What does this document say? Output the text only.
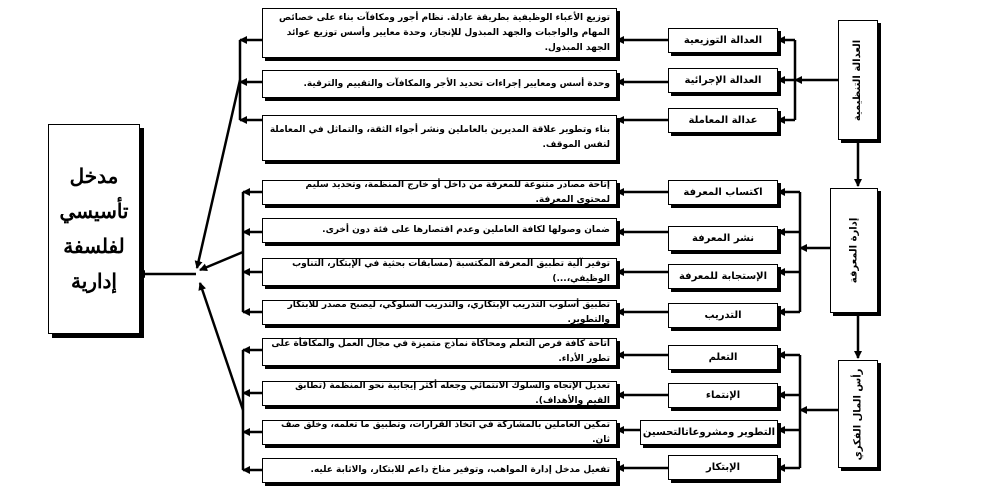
مدخل
تأسيسي
لفلسفة
إدارية
العدالة التنظيمية
إدارة المعرفة
رأس المال الفكري
العدالة التوزيعية
العدالة الإجرائية
عدالة المعاملة
توزيع الأعباء الوظيفية بطريقة عادلة. نظام أجور ومكافآت بناء على خصائص المهام والواجبات والجهد المبذول للإنجاز، وحدة معايير وأسس توزيع عوائد الجهد المبذول.
وحدة أسس ومعايير إجراءات تحديد الأجر والمكافآت والتقييم والترقية.
بناء وتطوير علاقة المديرين بالعاملين ونشر أجواء الثقة، والتماثل في المعاملة لنفس الموقف.
اكتساب المعرفة
نشر المعرفة
الإستجابة للمعرفة
التدريب
إتاحة مصادر متنوعة للمعرفة من داخل أو خارج المنظمة، وتحديد سليم لمحتوى المعرفة.
ضمان وصولها لكافة العاملين وعدم اقتصارها على فئة دون أخرى.
توفير آلية تطبيق المعرفة المكتسبة (مسابقات بحثية في الإبتكار، التناوب الوظيفي،...)
تطبيق أسلوب التدريب الإبتكاري، والتدريب السلوكي، ليصبح مصدر للابتكار والتطوير.
التعلم
الإنتماء
التطوير ومشروعاتالتحسين
الإبتكار
اتاحة كافة فرص التعلم ومحاكاة نماذج متميزة في مجال العمل والمكافأة على تطور الأداء.
تعديل الإتجاه والسلوك الانتمائي وجعله أكثر إيجابية نحو المنظمة (تطابق القيم والأهداف).
تمكين العاملين بالمشاركة في اتخاذ القرارات، وتطبيق ما تعلمه، وخلق صف ثان.
تفعيل مدخل إدارة المواهب، وتوفير مناخ داعم للابتكار، والاثابة عليه.
